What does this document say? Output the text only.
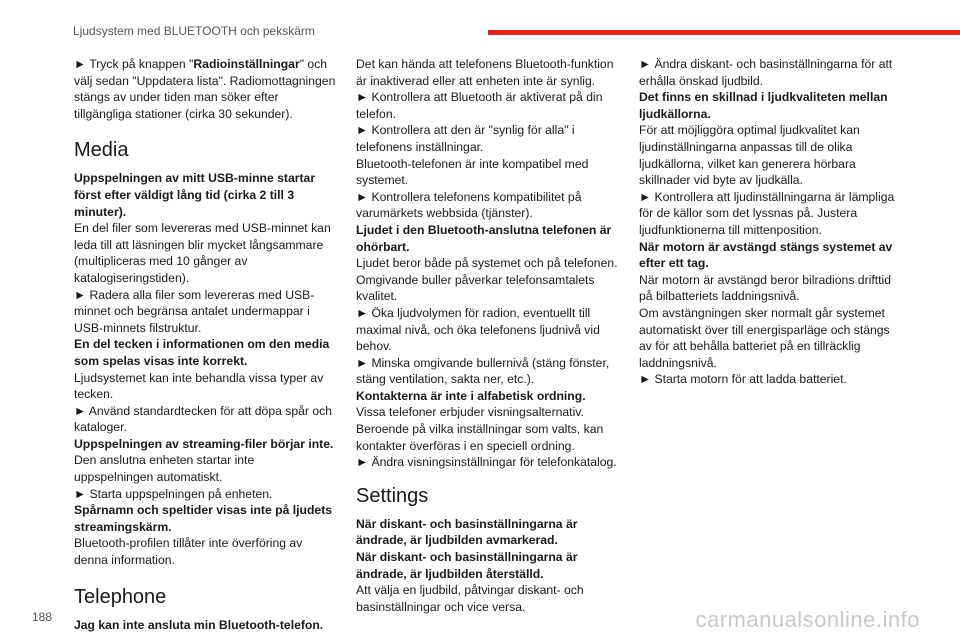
Ljudsystem med BLUETOOTH och pekskärm

► Tryck på knappen "Radioinställningar" och välj sedan "Uppdatera lista". Radiomottagningen stängs av under tiden man söker efter tillgängliga stationer (cirka 30 sekunder).

Media

Uppspelningen av mitt USB-minne startar först efter väldigt lång tid (cirka 2 till 3 minuter).

En del filer som levereras med USB-minnet kan leda till att läsningen blir mycket långsammare (multipliceras med 10 gånger av katalogiseringstiden).

► Radera alla filer som levereras med USB-minnet och begränsa antalet undermappar i USB-minnets filstruktur.

En del tecken i informationen om den media som spelas visas inte korrekt.

Ljudsystemet kan inte behandla vissa typer av tecken.

► Använd standardtecken för att döpa spår och kataloger.

Uppspelningen av streaming-filer börjar inte.

Den anslutna enheten startar inte uppspelningen automatiskt.

► Starta uppspelningen på enheten.

Spårnamn och speltider visas inte på ljudets streamingskärm.

Bluetooth-profilen tillåter inte överföring av denna information.

Telephone

Jag kan inte ansluta min Bluetooth-telefon.

Det kan hända att telefonens Bluetooth-funktion är inaktiverad eller att enheten inte är synlig.

► Kontrollera att Bluetooth är aktiverat på din telefon.

► Kontrollera att den är "synlig för alla" i telefonens inställningar.

Bluetooth-telefonen är inte kompatibel med systemet.

► Kontrollera telefonens kompatibilitet på varumärkets webbsida (tjänster).

Ljudet i den Bluetooth-anslutna telefonen är ohörbart.

Ljudet beror både på systemet och på telefonen. Omgivande buller påverkar telefonsamtalets kvalitet.

► Öka ljudvolymen för radion, eventuellt till maximal nivå, och öka telefonens ljudnivå vid behov.

► Minska omgivande bullernivå (stäng fönster, stäng ventilation, sakta ner, etc.).

Kontakterna är inte i alfabetisk ordning.

Vissa telefoner erbjuder visningsalternativ. Beroende på vilka inställningar som valts, kan kontakter överföras i en speciell ordning.

► Ändra visningsinställningar för telefonkatalog.

Settings

När diskant- och basinställningarna är ändrade, är ljudbilden avmarkerad.

När diskant- och basinställningarna är ändrade, är ljudbilden återställd.

Att välja en ljudbild, påtvingar diskant- och basinställningar och vice versa.

► Ändra diskant- och basinställningarna för att erhålla önskad ljudbild.

Det finns en skillnad i ljudkvaliteten mellan ljudkällorna.

För att möjliggöra optimal ljudkvalitet kan ljudinställningarna anpassas till de olika ljudkällorna, vilket kan generera hörbara skillnader vid byte av ljudkälla.

► Kontrollera att ljudinställningarna är lämpliga för de källor som det lyssnas på. Justera ljudfunktionerna till mittenposition.

När motorn är avstängd stängs systemet av efter ett tag.

När motorn är avstängd beror bilradions drifttid på bilbatteriets laddningsnivå.

Om avstängningen sker normalt går systemet automatiskt över till energisparläge och stängs av för att behålla batteriet på en tillräcklig laddningsnivå.

► Starta motorn för att ladda batteriet.

188	carmanualsonline.info
